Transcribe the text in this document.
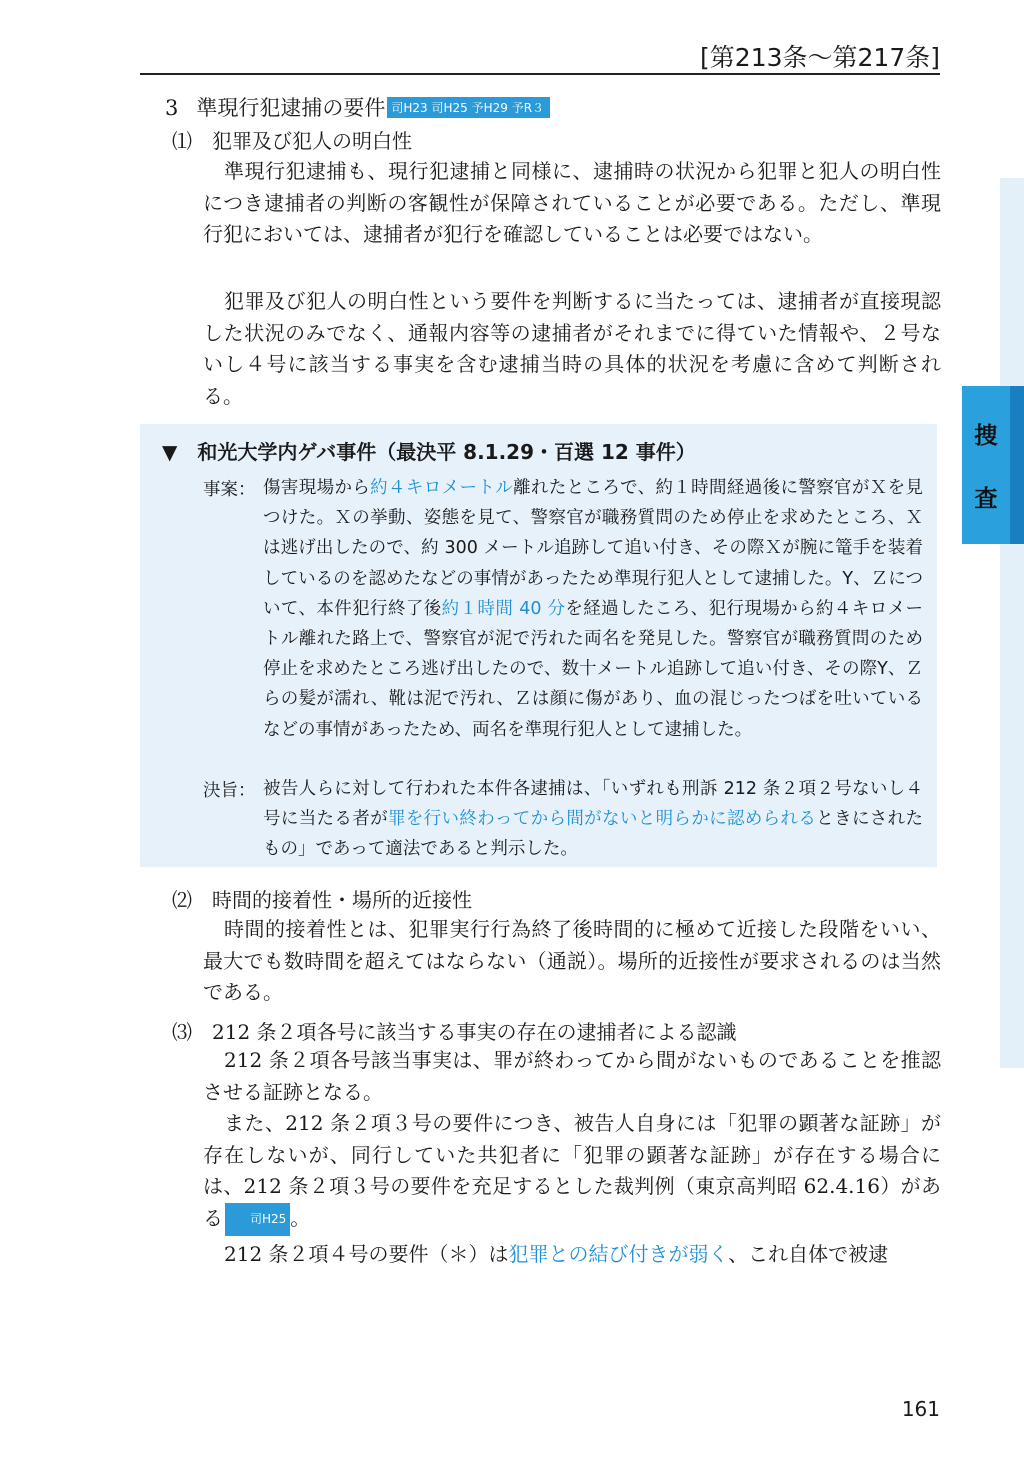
[第213条〜第217条]
捜
査
3 準現行犯逮捕の要件 司H23 司H25 予H29 予R３
⑴　犯罪及び犯人の明白性

準現行犯逮捕も、現行犯逮捕と同様に、逮捕時の状況から犯罪と犯人の明白性につき逮捕者の判断の客観性が保障されていることが必要である。ただし、準現行犯においては、逮捕者が犯行を確認していることは必要ではない。

犯罪及び犯人の明白性という要件を判断するに当たっては、逮捕者が直接現認した状況のみでなく、通報内容等の逮捕者がそれまでに得ていた情報や、２号ないし４号に該当する事実を含む逮捕当時の具体的状況を考慮に含めて判断される。

▼ 和光大学内ゲバ事件（最決平 8.1.29・百選 12 事件）
事案： 傷害現場から約４キロメートル離れたところで、約１時間経過後に警察官がＸを見つけた。Ｘの挙動、姿態を見て、警察官が職務質問のため停止を求めたところ、Ｘは逃げ出したので、約 300 メートル追跡して追い付き、その際Ｘが腕に篭手を装着しているのを認めたなどの事情があったため準現行犯人として逮捕した。Y、Ｚについて、本件犯行終了後約１時間 40 分を経過したころ、犯行現場から約４キロメートル離れた路上で、警察官が泥で汚れた両名を発見した。警察官が職務質問のため停止を求めたところ逃げ出したので、数十メートル追跡して追い付き、その際Y、Ｚらの髪が濡れ、靴は泥で汚れ、Ｚは顔に傷があり、血の混じったつばを吐いているなどの事情があったため、両名を準現行犯人として逮捕した。

決旨： 被告人らに対して行われた本件各逮捕は、「いずれも刑訴 212 条２項２号ないし４号に当たる者が罪を行い終わってから間がないと明らかに認められるときにされたもの」であって適法であると判示した。

⑵　時間的接着性・場所的近接性

時間的接着性とは、犯罪実行行為終了後時間的に極めて近接した段階をいい、最大でも数時間を超えてはならない（通説）。場所的近接性が要求されるのは当然である。

⑶　212 条２項各号に該当する事実の存在の逮捕者による認識

212 条２項各号該当事実は、罪が終わってから間がないものであることを推認させる証跡となる。

また、212 条２項３号の要件につき、被告人自身には「犯罪の顕著な証跡」が存在しないが、同行していた共犯者に「犯罪の顕著な証跡」が存在する場合には、212 条２項３号の要件を充足するとした裁判例（東京高判昭 62.4.16）がある 司H25 。

212 条２項４号の要件（＊）は犯罪との結び付きが弱く、これ自体で被逮

161
